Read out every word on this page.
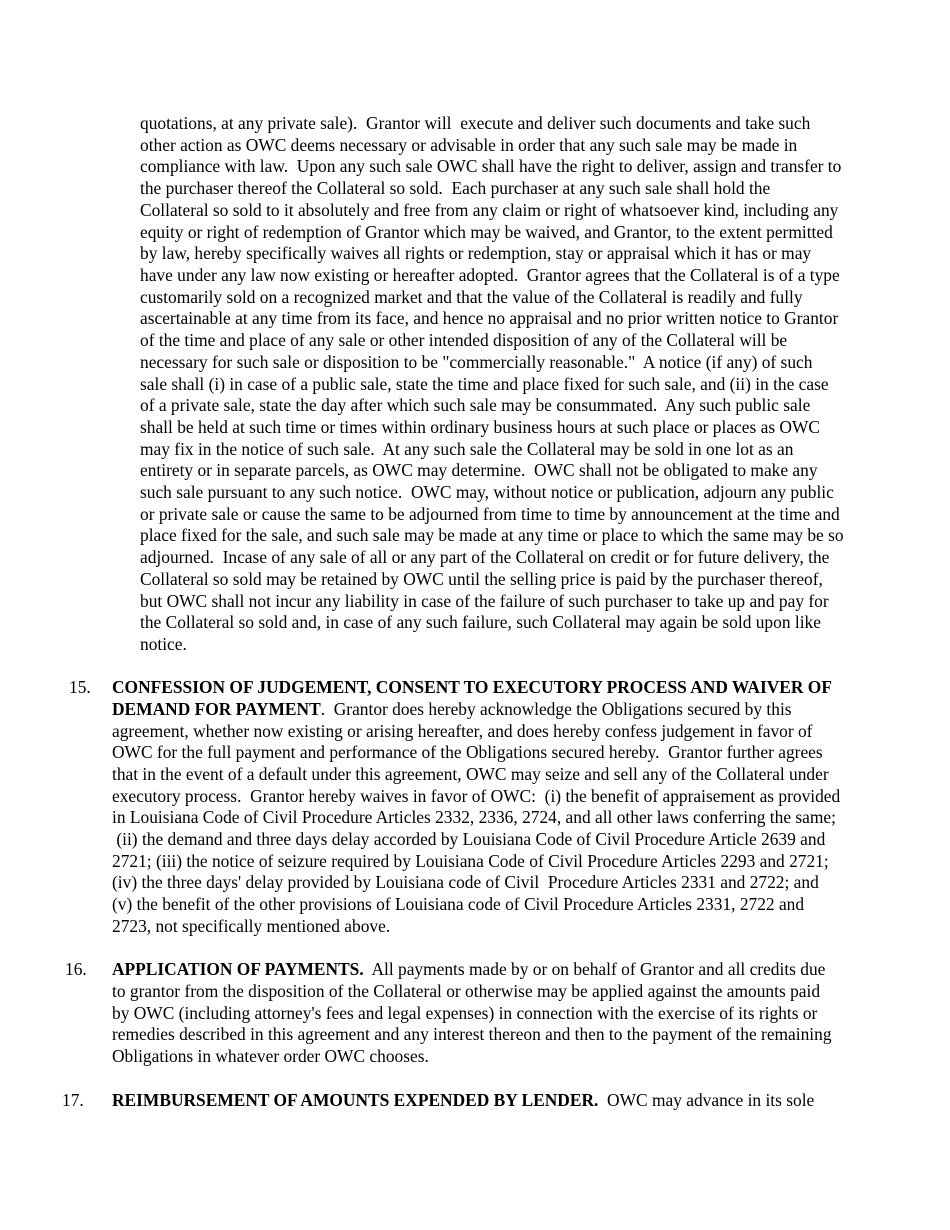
quotations, at any private sale).  Grantor will  execute and deliver such documents and take such

other action as OWC deems necessary or advisable in order that any such sale may be made in

compliance with law.  Upon any such sale OWC shall have the right to deliver, assign and transfer to

the purchaser thereof the Collateral so sold.  Each purchaser at any such sale shall hold the

Collateral so sold to it absolutely and free from any claim or right of whatsoever kind, including any

equity or right of redemption of Grantor which may be waived, and Grantor, to the extent permitted

by law, hereby specifically waives all rights or redemption, stay or appraisal which it has or may

have under any law now existing or hereafter adopted.  Grantor agrees that the Collateral is of a type

customarily sold on a recognized market and that the value of the Collateral is readily and fully

ascertainable at any time from its face, and hence no appraisal and no prior written notice to Grantor

of the time and place of any sale or other intended disposition of any of the Collateral will be

necessary for such sale or disposition to be "commercially reasonable."  A notice (if any) of such

sale shall (i) in case of a public sale, state the time and place fixed for such sale, and (ii) in the case

of a private sale, state the day after which such sale may be consummated.  Any such public sale

shall be held at such time or times within ordinary business hours at such place or places as OWC

may fix in the notice of such sale.  At any such sale the Collateral may be sold in one lot as an

entirety or in separate parcels, as OWC may determine.  OWC shall not be obligated to make any

such sale pursuant to any such notice.  OWC may, without notice or publication, adjourn any public

or private sale or cause the same to be adjourned from time to time by announcement at the time and

place fixed for the sale, and such sale may be made at any time or place to which the same may be so

adjourned.  Incase of any sale of all or any part of the Collateral on credit or for future delivery, the

Collateral so sold may be retained by OWC until the selling price is paid by the purchaser thereof,

but OWC shall not incur any liability in case of the failure of such purchaser to take up and pay for

the Collateral so sold and, in case of any such failure, such Collateral may again be sold upon like

notice.

15. CONFESSION OF JUDGEMENT, CONSENT TO EXECUTORY PROCESS AND WAIVER OF

DEMAND FOR PAYMENT.  Grantor does hereby acknowledge the Obligations secured by this

agreement, whether now existing or arising hereafter, and does hereby confess judgement in favor of

OWC for the full payment and performance of the Obligations secured hereby.  Grantor further agrees

that in the event of a default under this agreement, OWC may seize and sell any of the Collateral under

executory process.  Grantor hereby waives in favor of OWC:  (i) the benefit of appraisement as provided

in Louisiana Code of Civil Procedure Articles 2332, 2336, 2724, and all other laws conferring the same;

(ii) the demand and three days delay accorded by Louisiana Code of Civil Procedure Article 2639 and

2721; (iii) the notice of seizure required by Louisiana Code of Civil Procedure Articles 2293 and 2721;

(iv) the three days' delay provided by Louisiana code of Civil  Procedure Articles 2331 and 2722; and

(v) the benefit of the other provisions of Louisiana code of Civil Procedure Articles 2331, 2722 and

2723, not specifically mentioned above.

16. APPLICATION OF PAYMENTS.  All payments made by or on behalf of Grantor and all credits due

to grantor from the disposition of the Collateral or otherwise may be applied against the amounts paid

by OWC (including attorney's fees and legal expenses) in connection with the exercise of its rights or

remedies described in this agreement and any interest thereon and then to the payment of the remaining

Obligations in whatever order OWC chooses.

17. REIMBURSEMENT OF AMOUNTS EXPENDED BY LENDER.  OWC may advance in its sole
